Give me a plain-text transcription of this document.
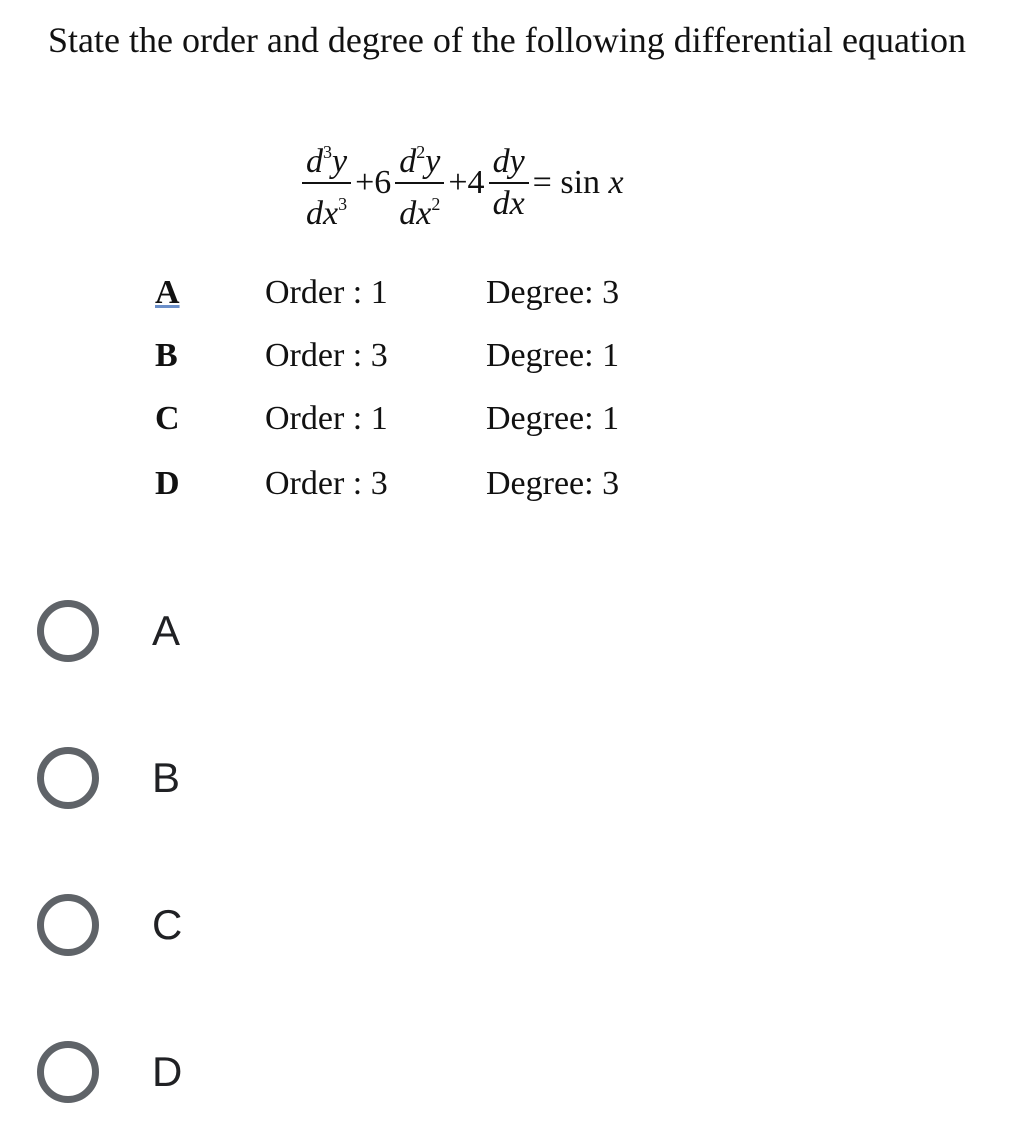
State the order and degree of the following differential equation
$\frac{d^3y}{dx^3} +6 \frac{d^2y}{dx^2} +4 \frac{dy}{dx} = \sin x$
A	Order : 1	Degree: 3
B	Order : 3	Degree: 1
C	Order : 1	Degree: 1
D	Order : 3	Degree: 3
A
B
C
D
